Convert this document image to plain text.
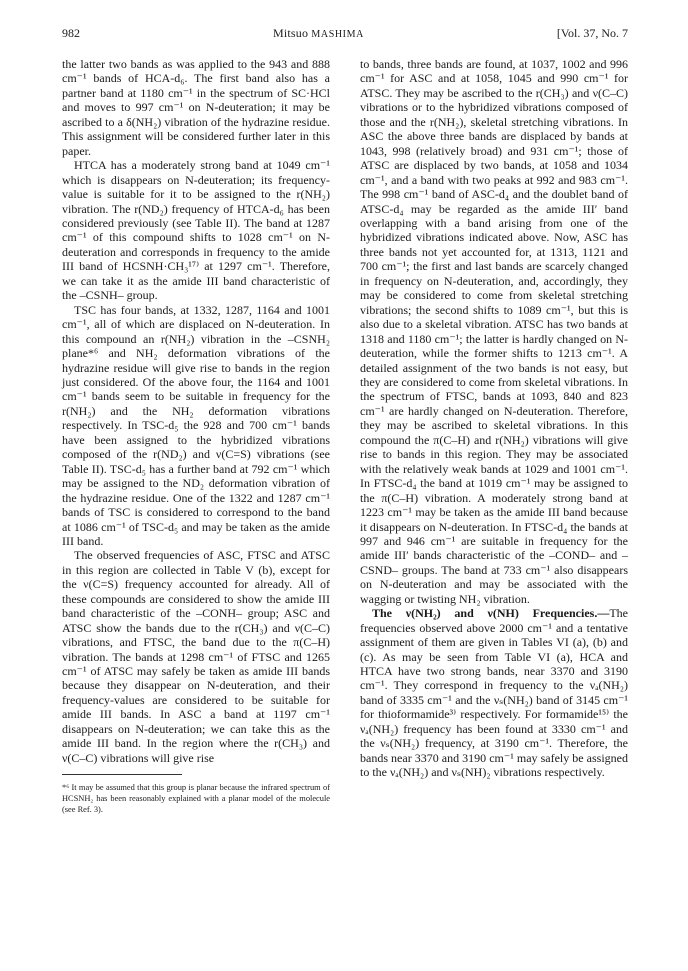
982	Mitsuo MASHIMA	[Vol. 37, No. 7

the latter two bands as was applied to the 943 and 888 cm⁻¹ bands of HCA-d₆. The first band also has a partner band at 1180 cm⁻¹ in the spectrum of SC·HCl and moves to 997 cm⁻¹ on N-deuteration; it may be ascribed to a δ(NH₂) vibration of the hydrazine residue. This assignment will be considered further later in this paper.

HTCA has a moderately strong band at 1049 cm⁻¹ which is disappears on N-deuteration; its frequency-value is suitable for it to be assigned to the r(NH₂) vibration. The r(ND₂) frequency of HTCA-d₆ has been considered previously (see Table II). The band at 1287 cm⁻¹ of this compound shifts to 1028 cm⁻¹ on N-deuteration and corresponds in frequency to the amide III band of HCSNH·CH₃¹⁷⁾ at 1297 cm⁻¹. Therefore, we can take it as the amide III band characteristic of the –CSNH– group.

TSC has four bands, at 1332, 1287, 1164 and 1001 cm⁻¹, all of which are displaced on N-deuteration. In this compound an r(NH₂) vibration in the –CSNH₂ plane*⁶ and NH₂ deformation vibrations of the hydrazine residue will give rise to bands in the region just considered. Of the above four, the 1164 and 1001 cm⁻¹ bands seem to be suitable in frequency for the r(NH₂) and the NH₂ deformation vibrations respectively. In TSC-d₅ the 928 and 700 cm⁻¹ bands have been assigned to the hybridized vibrations composed of the r(ND₂) and ν(C=S) vibrations (see Table II). TSC-d₅ has a further band at 792 cm⁻¹ which may be assigned to the ND₂ deformation vibration of the hydrazine residue. One of the 1322 and 1287 cm⁻¹ bands of TSC is considered to correspond to the band at 1086 cm⁻¹ of TSC-d₅ and may be taken as the amide III band.

The observed frequencies of ASC, FTSC and ATSC in this region are collected in Table V (b), except for the ν(C=S) frequency accounted for already. All of these compounds are considered to show the amide III band characteristic of the –CONH– group; ASC and ATSC show the bands due to the r(CH₃) and ν(C–C) vibrations, and FTSC, the band due to the π(C–H) vibration. The bands at 1298 cm⁻¹ of FTSC and 1265 cm⁻¹ of ATSC may safely be taken as amide III bands because they disappear on N-deuteration, and their frequency-values are considered to be suitable for amide III bands. In ASC a band at 1197 cm⁻¹ disappears on N-deuteration; we can take this as the amide III band. In the region where the r(CH₃) and ν(C–C) vibrations will give rise

*⁶ It may be assumed that this group is planar because the infrared spectrum of HCSNH₂ has been reasonably explained with a planar model of the molecule (see Ref. 3).

to bands, three bands are found, at 1037, 1002 and 996 cm⁻¹ for ASC and at 1058, 1045 and 990 cm⁻¹ for ATSC. They may be ascribed to the r(CH₃) and ν(C–C) vibrations or to the hybridized vibrations composed of those and the r(NH₂), skeletal stretching vibrations. In ASC the above three bands are displaced by bands at 1043, 998 (relatively broad) and 931 cm⁻¹; those of ATSC are displaced by two bands, at 1058 and 1034 cm⁻¹, and a band with two peaks at 992 and 983 cm⁻¹. The 998 cm⁻¹ band of ASC-d₄ and the doublet band of ATSC-d₄ may be regarded as the amide III′ band overlapping with a band arising from one of the hybridized vibrations indicated above. Now, ASC has three bands not yet accounted for, at 1313, 1121 and 700 cm⁻¹; the first and last bands are scarcely changed in frequency on N-deuteration, and, accordingly, they may be considered to come from skeletal stretching vibrations; the second shifts to 1089 cm⁻¹, but this is also due to a skeletal vibration. ATSC has two bands at 1318 and 1180 cm⁻¹; the latter is hardly changed on N-deuteration, while the former shifts to 1213 cm⁻¹. A detailed assignment of the two bands is not easy, but they are considered to come from skeletal vibrations. In the spectrum of FTSC, bands at 1093, 840 and 823 cm⁻¹ are hardly changed on N-deuteration. Therefore, they may be ascribed to skeletal vibrations. In this compound the π(C–H) and r(NH₂) vibrations will give rise to bands in this region. They may be associated with the relatively weak bands at 1029 and 1001 cm⁻¹. In FTSC-d₄ the band at 1019 cm⁻¹ may be assigned to the π(C–H) vibration. A moderately strong band at 1223 cm⁻¹ may be taken as the amide III band because it disappears on N-deuteration. In FTSC-d₄ the bands at 997 and 946 cm⁻¹ are suitable in frequency for the amide III′ bands characteristic of the –COND– and –CSND– groups. The band at 733 cm⁻¹ also disappears on N-deuteration and may be associated with the wagging or twisting NH₂ vibration.

The ν(NH₂) and ν(NH) Frequencies.—The frequencies observed above 2000 cm⁻¹ and a tentative assignment of them are given in Tables VI (a), (b) and (c). As may be seen from Table VI (a), HCA and HTCA have two strong bands, near 3370 and 3190 cm⁻¹. They correspond in frequency to the νₐ(NH₂) band of 3335 cm⁻¹ and the νₛ(NH₂) band of 3145 cm⁻¹ for thioformamide³⁾ respectively. For formamide¹⁵⁾ the νₐ(NH₂) frequency has been found at 3330 cm⁻¹ and the νₛ(NH₂) frequency, at 3190 cm⁻¹. Therefore, the bands near 3370 and 3190 cm⁻¹ may safely be assigned to the νₐ(NH₂) and νₛ(NH)₂ vibrations respectively.
